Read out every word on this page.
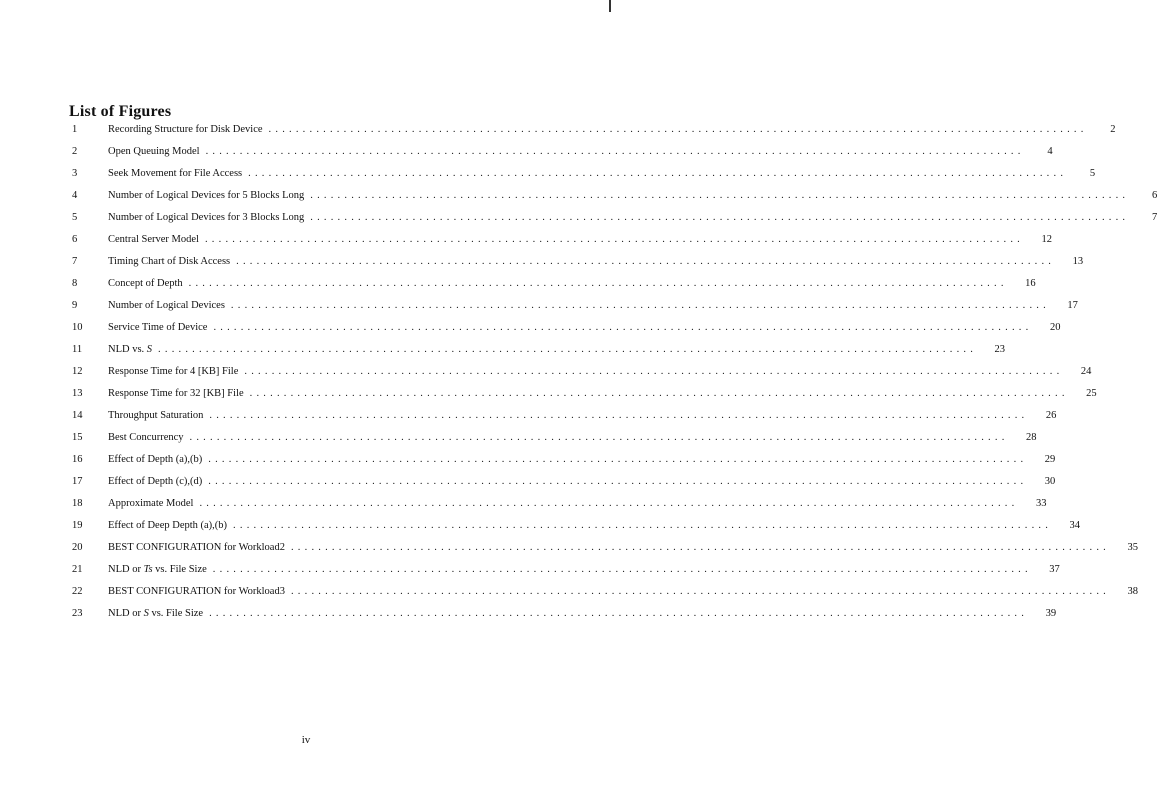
List of Figures
1	Recording Structure for Disk Device ........................................................................................................................	2
2	Open Queuing Model ........................................................................................................................	4
3	Seek Movement for File Access ........................................................................................................................	5
4	Number of Logical Devices for 5 Blocks Long ........................................................................................................................	6
5	Number of Logical Devices for 3 Blocks Long ........................................................................................................................	7
6	Central Server Model ........................................................................................................................	12
7	Timing Chart of Disk Access ........................................................................................................................	13
8	Concept of Depth ........................................................................................................................	16
9	Number of Logical Devices ........................................................................................................................	17
10	Service Time of Device ........................................................................................................................	20
11	NLD vs. S ........................................................................................................................	23
12	Response Time for 4 [KB] File ........................................................................................................................	24
13	Response Time for 32 [KB] File ........................................................................................................................	25
14	Throughput Saturation ........................................................................................................................	26
15	Best Concurrency ........................................................................................................................	28
16	Effect of Depth (a),(b) ........................................................................................................................	29
17	Effect of Depth (c),(d) ........................................................................................................................	30
18	Approximate Model ........................................................................................................................	33
19	Effect of Deep Depth (a),(b) ........................................................................................................................	34
20	BEST CONFIGURATION for Workload2 ........................................................................................................................	35
21	NLD or Ts vs. File Size ........................................................................................................................	37
22	BEST CONFIGURATION for Workload3 ........................................................................................................................	38
23	NLD or S vs. File Size ........................................................................................................................	39
iv
